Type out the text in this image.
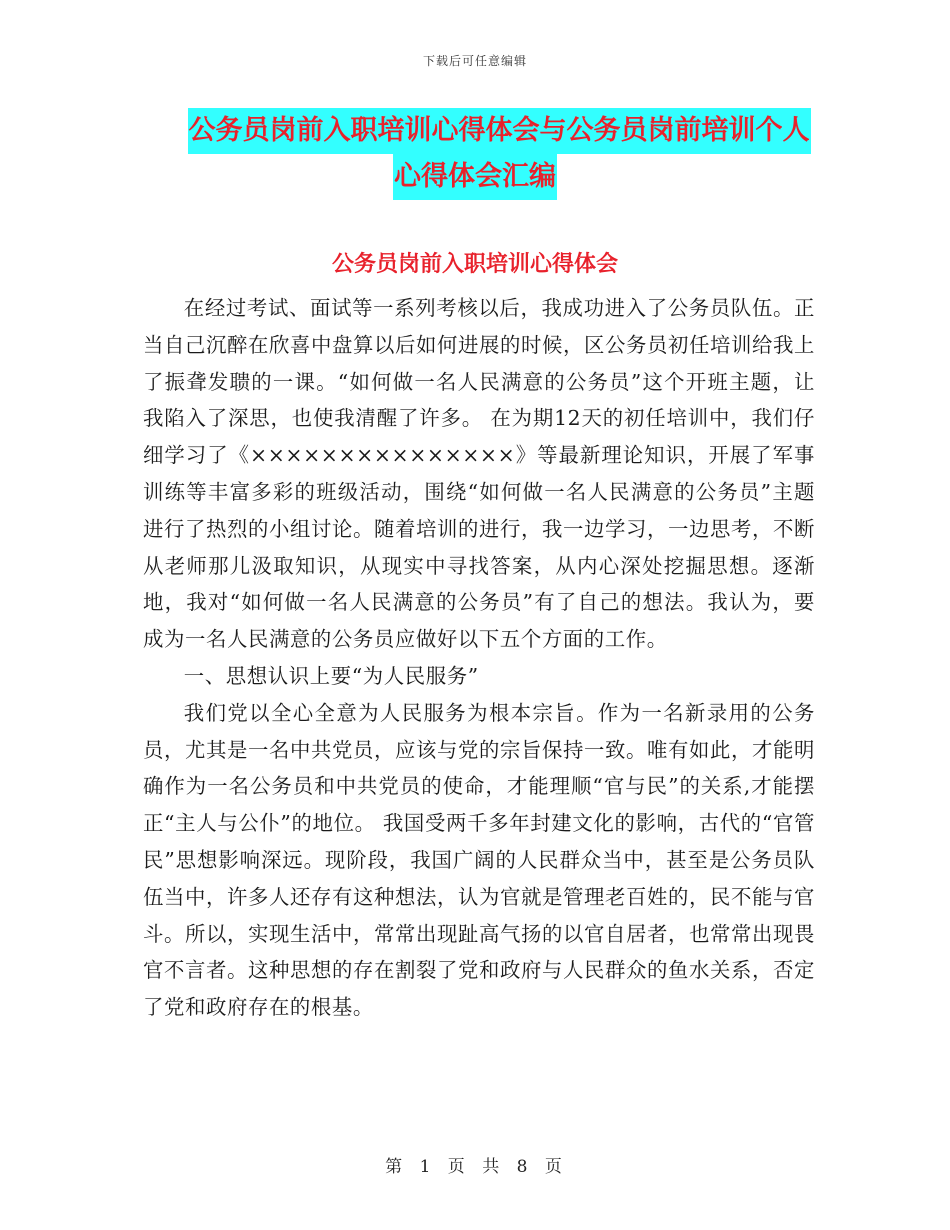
下载后可任意编辑
公务员岗前入职培训心得体会与公务员岗前培训个人
心得体会汇编
公务员岗前入职培训心得体会

在经过考试、面试等一系列考核以后，我成功进入了公务员队伍。正当自己沉醉在欣喜中盘算以后如何进展的时候，区公务员初任培训给我上了振聋发聩的一课。“如何做一名人民满意的公务员”这个开班主题，让我陷入了深思，也使我清醒了许多。 在为期12天的初任培训中，我们仔细学习了《×××××××××××××××》等最新理论知识，开展了军事训练等丰富多彩的班级活动，围绕“如何做一名人民满意的公务员”主题进行了热烈的小组讨论。随着培训的进行，我一边学习，一边思考，不断从老师那儿汲取知识，从现实中寻找答案，从内心深处挖掘思想。逐渐地，我对“如何做一名人民满意的公务员”有了自己的想法。我认为，要成为一名人民满意的公务员应做好以下五个方面的工作。

一、思想认识上要“为人民服务”

我们党以全心全意为人民服务为根本宗旨。作为一名新录用的公务员，尤其是一名中共党员，应该与党的宗旨保持一致。唯有如此，才能明确作为一名公务员和中共党员的使命，才能理顺“官与民”的关系,才能摆正“主人与公仆”的地位。 我国受两千多年封建文化的影响，古代的“官管民”思想影响深远。现阶段，我国广阔的人民群众当中，甚至是公务员队伍当中，许多人还存有这种想法，认为官就是管理老百姓的，民不能与官斗。所以，实现生活中，常常出现趾高气扬的以官自居者，也常常出现畏官不言者。这种思想的存在割裂了党和政府与人民群众的鱼水关系，否定了党和政府存在的根基。

第 1 页 共 8 页
